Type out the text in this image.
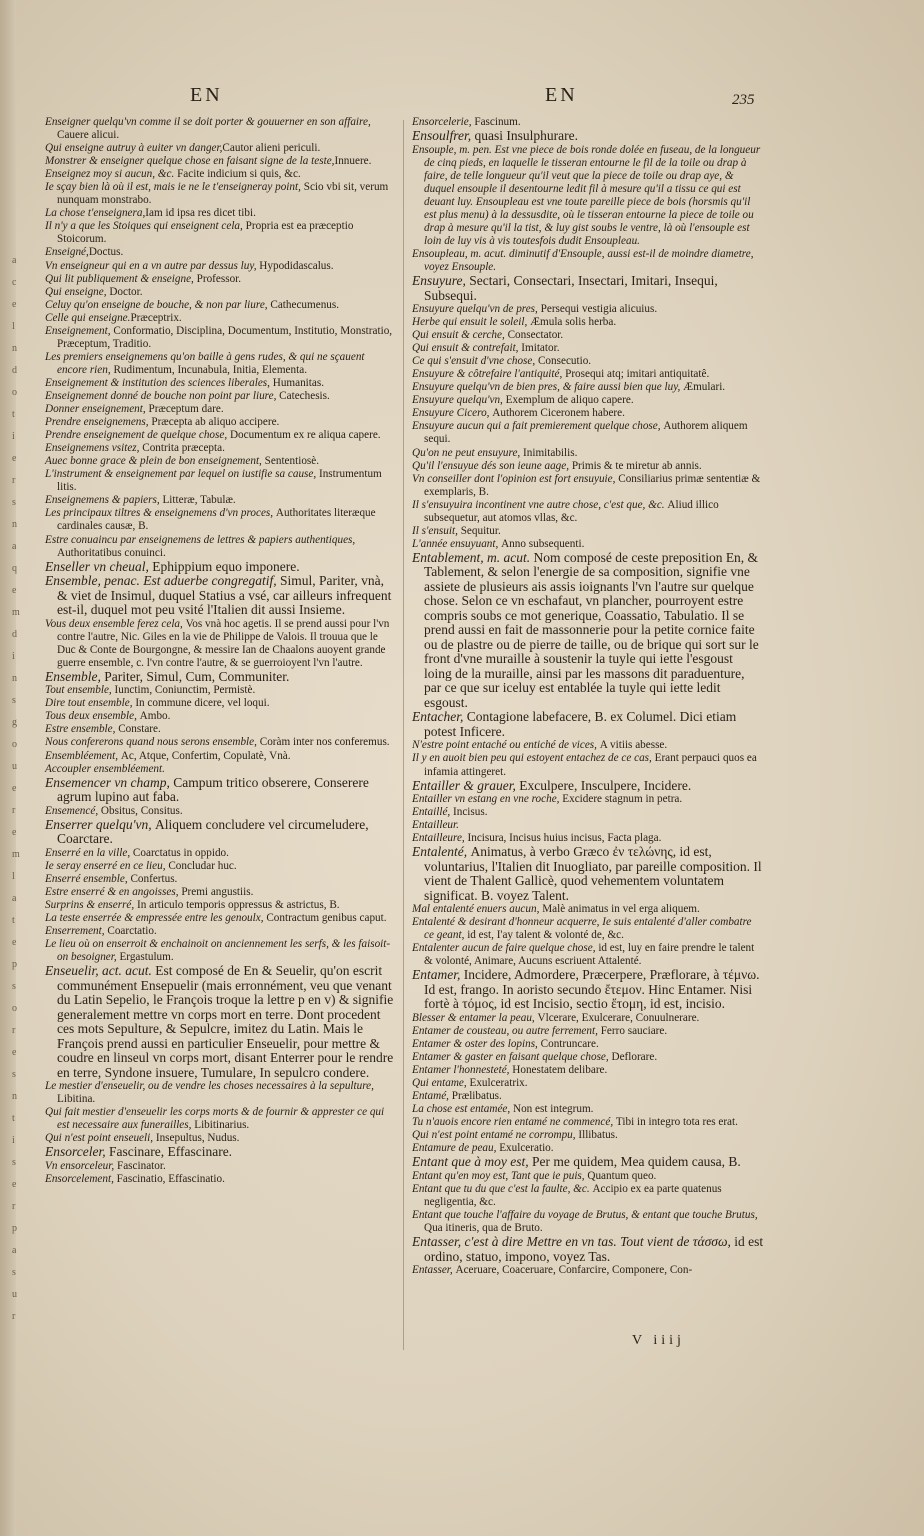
a
c
e
l
n
d
o
t
i
e
r
s
n
a
q
e
m
d
i
n
s
g
o
u
e
r
e
m
l
a
t
e
p
s
o
r
e
s
n
t
i
s
e
r
p
a
s
u
r
EN	EN	235

Enseigner quelqu'vn comme il se doit porter & gouuerner en son affaire, Cauere alicui.

Qui enseigne autruy à euiter vn danger,Cautor alieni periculi.

Monstrer & enseigner quelque chose en faisant signe de la teste,Innuere.

Enseignez moy si aucun, &c. Facite indicium si quis, &c.

Ie sçay bien là où il est, mais ie ne le t'enseigneray point, Scio vbi sit, verum nunquam monstrabo.

La chose t'enseignera,Iam id ipsa res dicet tibi.

Il n'y a que les Stoiques qui enseignent cela, Propria est ea præceptio Stoicorum.

Enseigné,Doctus.

Vn enseigneur qui en a vn autre par dessus luy, Hypodidascalus.

Qui lit publiquement & enseigne, Professor.

Qui enseigne, Doctor.

Celuy qu'on enseigne de bouche, & non par liure, Cathecumenus.

Celle qui enseigne.Præceptrix.

Enseignement, Conformatio, Disciplina, Documentum, Institutio, Monstratio, Præceptum, Traditio.

Les premiers enseignemens qu'on baille à gens rudes, & qui ne sçauent encore rien, Rudimentum, Incunabula, Initia, Elementa.

Enseignement & institution des sciences liberales, Humanitas.

Enseignement donné de bouche non point par liure, Catechesis.

Donner enseignement, Præceptum dare.

Prendre enseignemens, Præcepta ab aliquo accipere.

Prendre enseignement de quelque chose, Documentum ex re aliqua capere.

Enseignemens vsitez, Contrita præcepta.

Auec bonne grace & plein de bon enseignement, Sententiosè.

L'instrument & enseignement par lequel on iustifie sa cause, Instrumentum litis.

Enseignemens & papiers, Litteræ, Tabulæ.

Les principaux tiltres & enseignemens d'vn proces, Authoritates literæque cardinales causæ, B.

Estre conuaincu par enseignemens de lettres & papiers authentiques, Authoritatibus conuinci.

Enseller vn cheual, Ephippium equo imponere.

Ensemble, penac. Est aduerbe congregatif, Simul, Pariter, vnà, & viet de Insimul, duquel Statius a vsé, car ailleurs infrequent est-il, duquel mot peu vsité l'Italien dit aussi Insieme.

Vous deux ensemble ferez cela, Vos vnà hoc agetis. Il se prend aussi pour l'vn contre l'autre, Nic. Giles en la vie de Philippe de Valois. Il trouua que le Duc & Conte de Bourgongne, & messire Ian de Chaalons auoyent grande guerre ensemble, c. l'vn contre l'autre, & se guerroioyent l'vn l'autre.

Ensemble, Pariter, Simul, Cum, Communiter.

Tout ensemble, Iunctim, Coniunctim, Permistè.

Dire tout ensemble, In commune dicere, vel loqui.

Tous deux ensemble, Ambo.

Estre ensemble, Constare.

Nous confererons quand nous serons ensemble, Coràm inter nos conferemus.

Ensembléement, Ac, Atque, Confertim, Copulatè, Vnà.

Accoupler ensembléement.

Ensemencer vn champ, Campum tritico obserere, Conserere agrum lupino aut faba.

Ensemencé, Obsitus, Consitus.

Enserrer quelqu'vn, Aliquem concludere vel circumeludere, Coarctare.

Enserré en la ville, Coarctatus in oppido.

Ie seray enserré en ce lieu, Concludar huc.

Enserré ensemble, Confertus.

Estre enserré & en angoisses, Premi angustiis.

Surprins & enserré, In articulo temporis oppressus & astrictus, B.

La teste enserrée & empressée entre les genoulx, Contractum genibus caput.

Enserrement, Coarctatio.

Le lieu où on enserroit & enchainoit on anciennement les serfs, & les faisoit-on besoigner, Ergastulum.

Enseuelir, act. acut. Est composé de En & Seuelir, qu'on escrit communément Ensepuelir (mais erronnément, veu que venant du Latin Sepelio, le François troque la lettre p en v) & signifie generalement mettre vn corps mort en terre. Dont procedent ces mots Sepulture, & Sepulcre, imitez du Latin. Mais le François prend aussi en particulier Enseuelir, pour mettre & coudre en linseul vn corps mort, disant Enterrer pour le rendre en terre, Syndone insuere, Tumulare, In sepulcro condere.

Le mestier d'enseuelir, ou de vendre les choses necessaires à la sepulture, Libitina.

Qui fait mestier d'enseuelir les corps morts & de fournir & apprester ce qui est necessaire aux funerailles, Libitinarius.

Qui n'est point enseueli, Insepultus, Nudus.

Ensorceler, Fascinare, Effascinare.

Vn ensorceleur, Fascinator.

Ensorcelement, Fascinatio, Effascinatio.

Ensorcelerie, Fascinum.

Ensoulfrer, quasi Insulphurare.

Ensouple, m. pen. Est vne piece de bois ronde dolée en fuseau, de la longueur de cinq pieds, en laquelle le tisseran entourne le fil de la toile ou drap à faire, de telle longueur qu'il veut que la piece de toile ou drap aye, & duquel ensouple il desentourne ledit fil à mesure qu'il a tissu ce qui est deuant luy. Ensoupleau est vne toute pareille piece de bois (horsmis qu'il est plus menu) à la dessusdite, où le tisseran entourne la piece de toile ou drap à mesure qu'il la tist, & luy gist soubs le ventre, là où l'ensouple est loin de luy vis à vis toutesfois dudit Ensoupleau.

Ensoupleau, m. acut. diminutif d'Ensouple, aussi est-il de moindre diametre, voyez Ensouple.

Ensuyure, Sectari, Consectari, Insectari, Imitari, Insequi, Subsequi.

Ensuyure quelqu'vn de pres, Persequi vestigia alicuius.

Herbe qui ensuit le soleil, Æmula solis herba.

Qui ensuit & cerche, Consectator.

Qui ensuit & contrefait, Imitator.

Ce qui s'ensuit d'vne chose, Consecutio.

Ensuyure & côtrefaire l'antiquité, Prosequi atq; imitari antiquitatê.

Ensuyure quelqu'vn de bien pres, & faire aussi bien que luy, Æmulari.

Ensuyure quelqu'vn, Exemplum de aliquo capere.

Ensuyure Cicero, Authorem Ciceronem habere.

Ensuyure aucun qui a fait premierement quelque chose, Authorem aliquem sequi.

Qu'on ne peut ensuyure, Inimitabilis.

Qu'il l'ensuyue dés son ieune aage, Primis & te miretur ab annis.

Vn conseiller dont l'opinion est fort ensuyuie, Consiliarius primæ sententiæ & exemplaris, B.

Il s'ensuyuira incontinent vne autre chose, c'est que, &c. Aliud illico subsequetur, aut atomos vllas, &c.

Il s'ensuit, Sequitur.

L'année ensuyuant, Anno subsequenti.

Entablement, m. acut. Nom composé de ceste preposition En, & Tablement, & selon l'energie de sa composition, signifie vne assiete de plusieurs ais assis ioignants l'vn l'autre sur quelque chose. Selon ce vn eschafaut, vn plancher, pourroyent estre compris soubs ce mot generique, Coassatio, Tabulatio. Il se prend aussi en fait de massonnerie pour la petite cornice faite ou de plastre ou de pierre de taille, ou de brique qui sort sur le front d'vne muraille à soustenir la tuyle qui iette l'esgoust loing de la muraille, ainsi par les massons dit paraduenture, par ce que sur iceluy est entablée la tuyle qui iette ledit esgoust.

Entacher, Contagione labefacere, B. ex Columel. Dici etiam potest Inficere.

N'estre point entaché ou entiché de vices, A vitiis abesse.

Il y en auoit bien peu qui estoyent entachez de ce cas, Erant perpauci quos ea infamia attingeret.

Entailler & grauer, Exculpere, Insculpere, Incidere.

Entailler vn estang en vne roche, Excidere stagnum in petra.

Entaillé, Incisus.

Entailleur.

Entailleure, Incisura, Incisus huius incisus, Facta plaga.

Entalenté, Animatus, à verbo Græco ἐν τελώνης, id est, voluntarius, l'Italien dit Inuogliato, par pareille composition. Il vient de Thalent Gallicè, quod vehementem voluntatem significat. B. voyez Talent.

Mal entalenté enuers aucun, Malè animatus in vel erga aliquem.

Entalenté & desirant d'honneur acquerre, Ie suis entalenté d'aller combatre ce geant, id est, I'ay talent & volonté de, &c.

Entalenter aucun de faire quelque chose, id est, luy en faire prendre le talent & volonté, Animare, Aucuns escriuent Attalenté.

Entamer, Incidere, Admordere, Præcerpere, Præflorare, à τέμνω. Id est, frango. In aoristo secundo ἔτεμον. Hinc Entamer. Nisi fortè à τόμος, id est Incisio, sectio ἔτομη, id est, incisio.

Blesser & entamer la peau, Vlcerare, Exulcerare, Conuulnerare.

Entamer de cousteau, ou autre ferrement, Ferro sauciare.

Entamer & oster des lopins, Contruncare.

Entamer & gaster en faisant quelque chose, Deflorare.

Entamer l'honnesteté, Honestatem delibare.

Qui entame, Exulceratrix.

Entamé, Prælibatus.

La chose est entamée, Non est integrum.

Tu n'auois encore rien entamé ne commencé, Tibi in integro tota res erat.

Qui n'est point entamé ne corrompu, Illibatus.

Entamure de peau, Exulceratio.

Entant que à moy est, Per me quidem, Mea quidem causa, B.

Entant qu'en moy est, Tant que ie puis, Quantum queo.

Entant que tu du que c'est la faulte, &c. Accipio ex ea parte quatenus negligentia, &c.

Entant que touche l'affaire du voyage de Brutus, & entant que touche Brutus, Qua itineris, qua de Bruto.

Entasser, c'est à dire Mettre en vn tas. Tout vient de τάσσω, id est ordino, statuo, impono, voyez Tas.

Entasser, Aceruare, Coaceruare, Confarcire, Componere, Con-

V iiij
